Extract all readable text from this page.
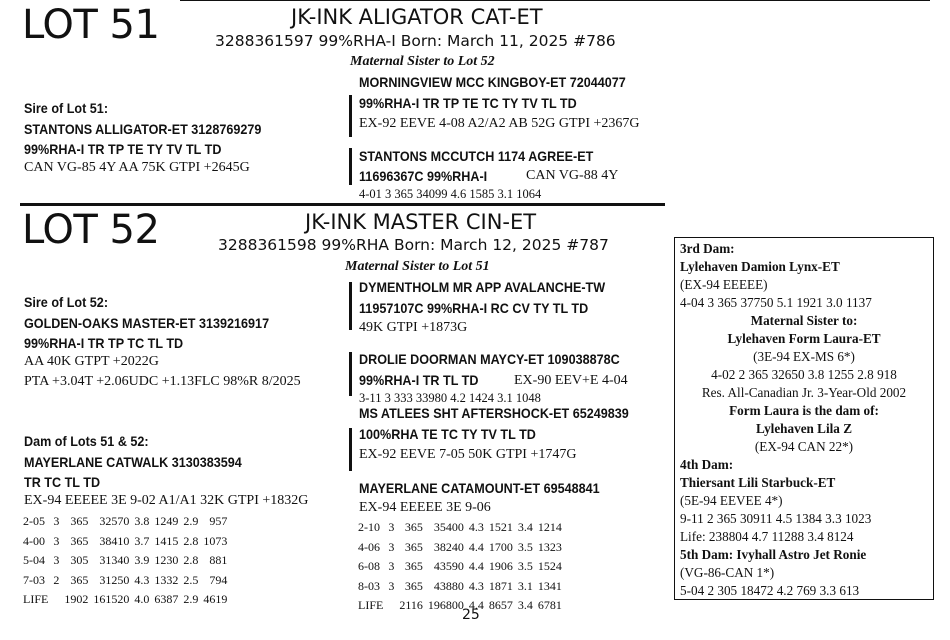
LOT 51	JK-INK ALIGATOR CAT-ET
3288361597 99%RHA-I Born: March 11, 2025 #786
Maternal Sister to Lot 52
Sire of Lot 51:
STANTONS ALLIGATOR-ET 3128769279
99%RHA-I TR TP TE TY TV TL TD
CAN VG-85 4Y AA 75K GTPI +2645G
MORNINGVIEW MCC KINGBOY-ET 72044077
99%RHA-I TR TP TE TC TY TV TL TD
EX-92 EEVE 4-08 A2/A2 AB 52G GTPI +2367G
STANTONS MCCUTCH 1174 AGREE-ET
11696367C 99%RHA-I	CAN VG-88 4Y
4-01 3 365 34099 4.6 1585 3.1 1064
LOT 52	JK-INK MASTER CIN-ET
3288361598 99%RHA Born: March 12, 2025 #787
Maternal Sister to Lot 51
Sire of Lot 52:
GOLDEN-OAKS MASTER-ET 3139216917
99%RHA-I TR TP TC TL TD
AA 40K GTPT +2022G
PTA +3.04T +2.06UDC +1.13FLC 98%R 8/2025
DYMENTHOLM MR APP AVALANCHE-TW
11957107C 99%RHA-I RC CV TY TL TD
49K GTPI +1873G
DROLIE DOORMAN MAYCY-ET 109038878C
99%RHA-I TR TL TD	EX-90 EEV+E 4-04
3-11 3 333 33980 4.2 1424 3.1 1048
Dam of Lots 51 & 52:
MAYERLANE CATWALK 3130383594
TR TC TL TD
EX-94 EEEEE 3E 9-02 A1/A1 32K GTPI +1832G
2-05	3	365	32570	3.8	1249	2.9	957
4-00	3	365	38410	3.7	1415	2.8	1073
5-04	3	305	31340	3.9	1230	2.8	881
7-03	2	365	31250	4.3	1332	2.5	794
LIFE		1902	161520	4.0	6387	2.9	4619
MS ATLEES SHT AFTERSHOCK-ET 65249839
100%RHA TE TC TY TV TL TD
EX-92 EEVE 7-05 50K GTPI +1747G
MAYERLANE CATAMOUNT-ET 69548841
EX-94 EEEEE 3E 9-06
2-10	3	365	35400	4.3	1521	3.4	1214
4-06	3	365	38240	4.4	1700	3.5	1323
6-08	3	365	43590	4.4	1906	3.5	1524
8-03	3	365	43880	4.3	1871	3.1	1341
LIFE		2116	196800	4.4	8657	3.4	6781
3rd Dam:
Lylehaven Damion Lynx-ET
(EX-94 EEEEE)
4-04 3 365 37750 5.1 1921 3.0 1137
Maternal Sister to:
Lylehaven Form Laura-ET
(3E-94 EX-MS 6*)
4-02 2 365 32650 3.8 1255 2.8 918
Res. All-Canadian Jr. 3-Year-Old 2002
Form Laura is the dam of:
Lylehaven Lila Z
(EX-94 CAN 22*)
4th Dam:
Thiersant Lili Starbuck-ET
(5E-94 EEVEE 4*)
9-11 2 365 30911 4.5 1384 3.3 1023
Life: 238804 4.7 11288 3.4 8124
5th Dam: Ivyhall Astro Jet Ronie
(VG-86-CAN 1*)
5-04 2 305 18472 4.2 769 3.3 613
25
